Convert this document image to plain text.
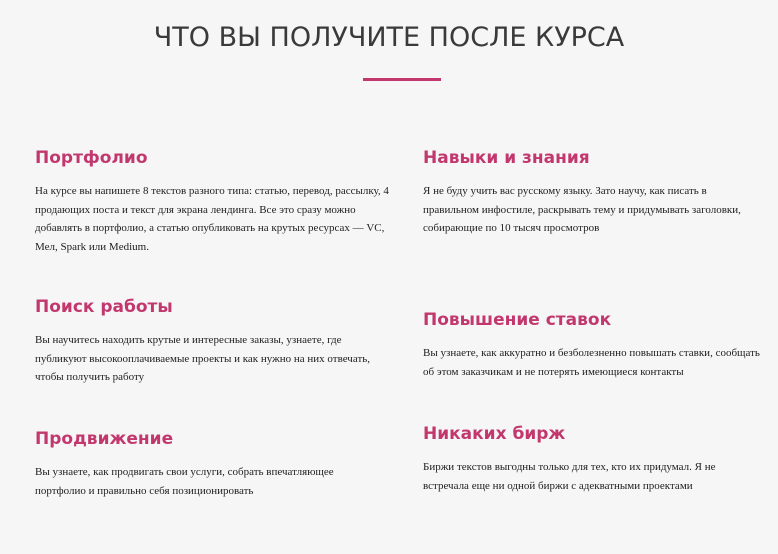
ЧТО ВЫ ПОЛУЧИТЕ ПОСЛЕ КУРСА
Портфолио

На курсе вы напишете 8 текстов разного типа: статью, перевод, рассылку, 4 продающих поста и текст для экрана лендинга. Все это сразу можно добавлять в портфолио, а статью опубликовать на крутых ресурсах — VC, Мел, Spark или Medium.

Навыки и знания

Я не буду учить вас русскому языку. Зато научу, как писать в правильном инфостиле, раскрывать тему и придумывать заголовки, собирающие по 10 тысяч просмотров

Поиск работы

Вы научитесь находить крутые и интересные заказы, узнаете, где публикуют высокооплачиваемые проекты и как нужно на них отвечать, чтобы получить работу

Повышение ставок

Вы узнаете, как аккуратно и безболезненно повышать ставки, сообщать об этом заказчикам и не потерять имеющиеся контакты

Продвижение

Вы узнаете, как продвигать свои услуги, собрать впечатляющее портфолио и правильно себя позиционировать

Никаких бирж

Биржи текстов выгодны только для тех, кто их придумал. Я не встречала еще ни одной биржи с адекватными проектами
